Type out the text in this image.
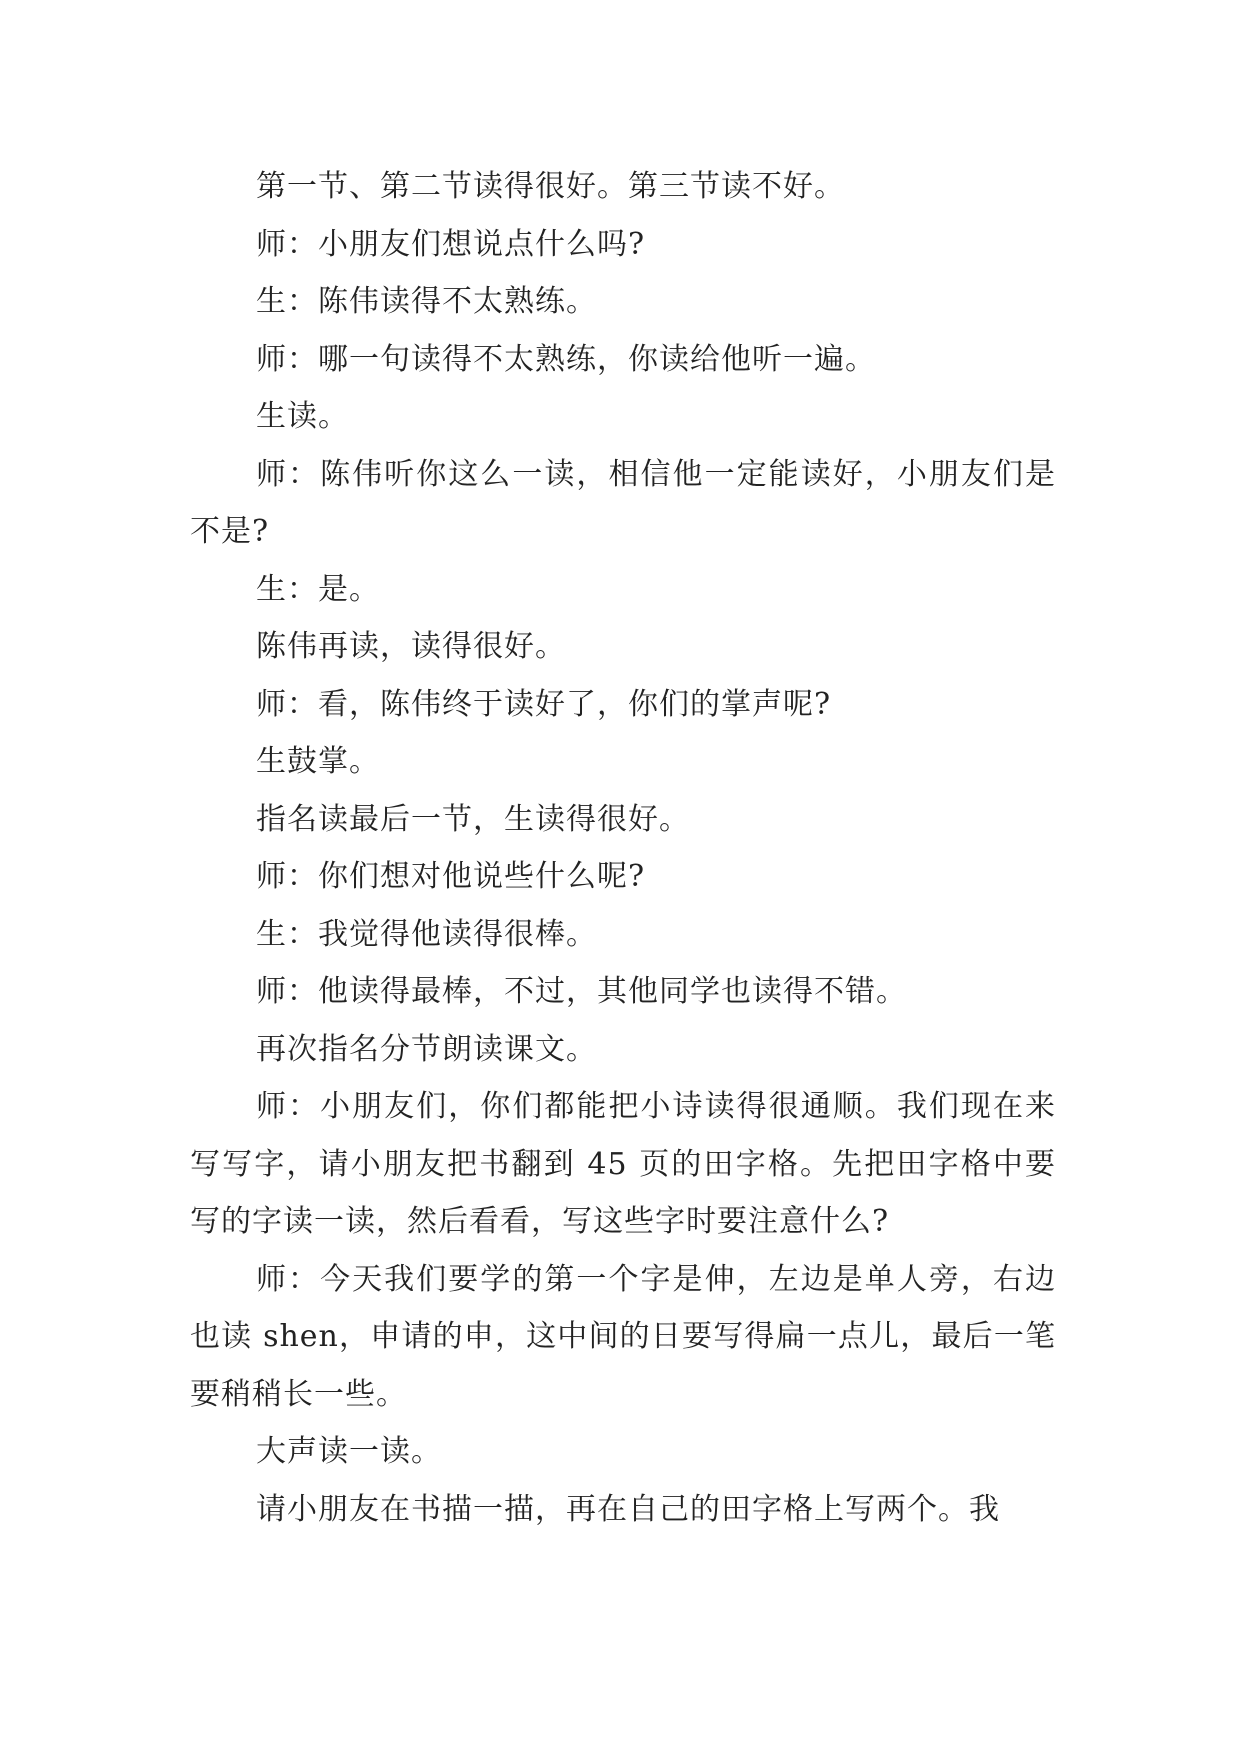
第一节、第二节读得很好。第三节读不好。

师：小朋友们想说点什么吗?

生：陈伟读得不太熟练。

师：哪一句读得不太熟练，你读给他听一遍。

生读。

师：陈伟听你这么一读，相信他一定能读好，小朋友们是不是?

生：是。

陈伟再读，读得很好。

师：看，陈伟终于读好了，你们的掌声呢?

生鼓掌。

指名读最后一节，生读得很好。

师：你们想对他说些什么呢?

生：我觉得他读得很棒。

师：他读得最棒，不过，其他同学也读得不错。

再次指名分节朗读课文。

师：小朋友们，你们都能把小诗读得很通顺。我们现在来写写字，请小朋友把书翻到 45 页的田字格。先把田字格中要写的字读一读，然后看看，写这些字时要注意什么?

师：今天我们要学的第一个字是伸，左边是单人旁，右边也读 shen，申请的申，这中间的日要写得扁一点儿，最后一笔要稍稍长一些。

大声读一读。

请小朋友在书描一描，再在自己的田字格上写两个。我
